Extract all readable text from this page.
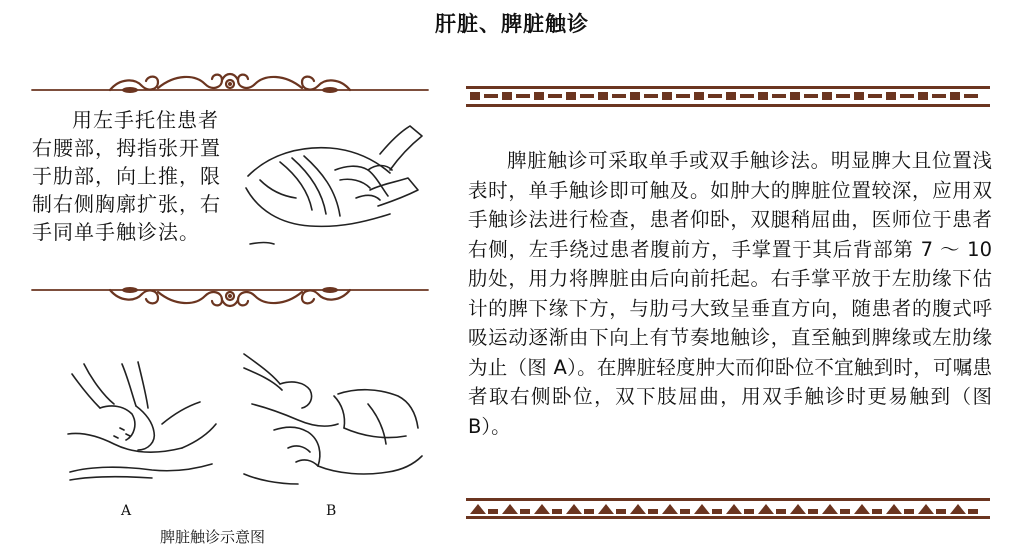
肝脏、脾脏触诊

用左手托住患者右腰部，拇指张开置于肋部，向上推，限制右侧胸廓扩张，右手同单手触诊法。

A	B
脾脏触诊示意图

脾脏触诊可采取单手或双手触诊法。明显脾大且位置浅表时，单手触诊即可触及。如肿大的脾脏位置较深，应用双手触诊法进行检查，患者仰卧，双腿稍屈曲，医师位于患者右侧，左手绕过患者腹前方，手掌置于其后背部第 7 ～ 10 肋处，用力将脾脏由后向前托起。右手掌平放于左肋缘下估计的脾下缘下方，与肋弓大致呈垂直方向，随患者的腹式呼吸运动逐渐由下向上有节奏地触诊，直至触到脾缘或左肋缘为止（图 A）。在脾脏轻度肿大而仰卧位不宜触到时，可嘱患者取右侧卧位，双下肢屈曲，用双手触诊时更易触到（图 B）。
